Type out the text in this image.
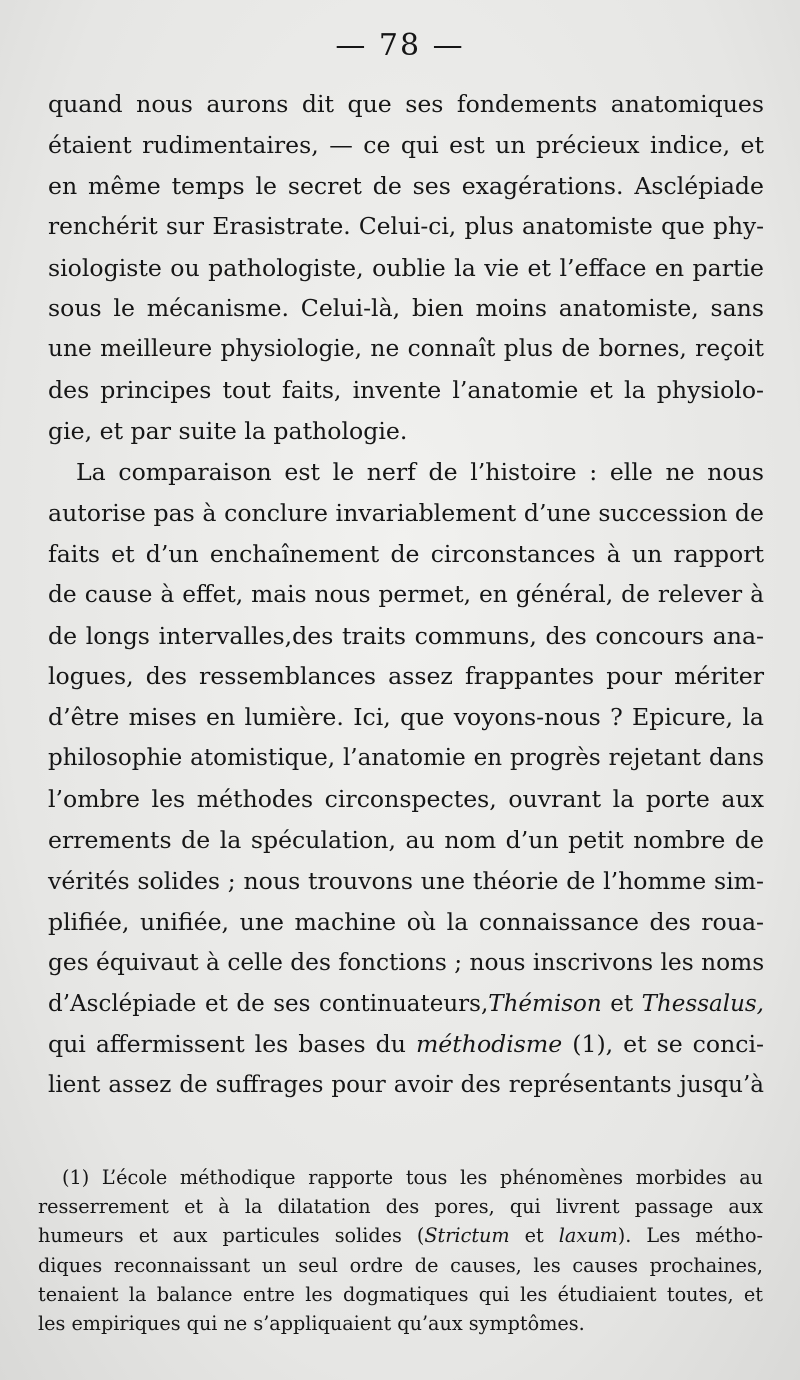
— 78 —
quand nous aurons dit que ses fondements anatomiques
étaient rudimentaires, — ce qui est un précieux indice, et
en même temps le secret de ses exagérations. Asclépiade
renchérit sur Erasistrate. Celui-ci, plus anatomiste que phy-
siologiste ou pathologiste, oublie la vie et l’efface en partie
sous le mécanisme. Celui-là, bien moins anatomiste, sans
une meilleure physiologie, ne connaît plus de bornes, reçoit
des principes tout faits, invente l’anatomie et la physiolo-
gie, et par suite la pathologie.
La comparaison est le nerf de l’histoire : elle ne nous
autorise pas à conclure invariablement d’une succession de
faits et d’un enchaînement de circonstances à un rapport
de cause à effet, mais nous permet, en général, de relever à
de longs intervalles,des traits communs, des concours ana-
logues, des ressemblances assez frappantes pour mériter
d’être mises en lumière. Ici, que voyons-nous ? Epicure, la
philosophie atomistique, l’anatomie en progrès rejetant dans
l’ombre les méthodes circonspectes, ouvrant la porte aux
errements de la spéculation, au nom d’un petit nombre de
vérités solides ; nous trouvons une théorie de l’homme sim-
plifiée, unifiée, une machine où la connaissance des roua-
ges équivaut à celle des fonctions ; nous inscrivons les noms
d’Asclépiade et de ses continuateurs,Thémison et Thessalus,
qui affermissent les bases du méthodisme (1), et se conci-
lient assez de suffrages pour avoir des représentants jusqu’à
(1) L’école méthodique rapporte tous les phénomènes morbides au
resserrement et à la dilatation des pores, qui livrent passage aux
humeurs et aux particules solides (Strictum et laxum). Les métho-
diques reconnaissant un seul ordre de causes, les causes prochaines,
tenaient la balance entre les dogmatiques qui les étudiaient toutes, et
les empiriques qui ne s’appliquaient qu’aux symptômes.
